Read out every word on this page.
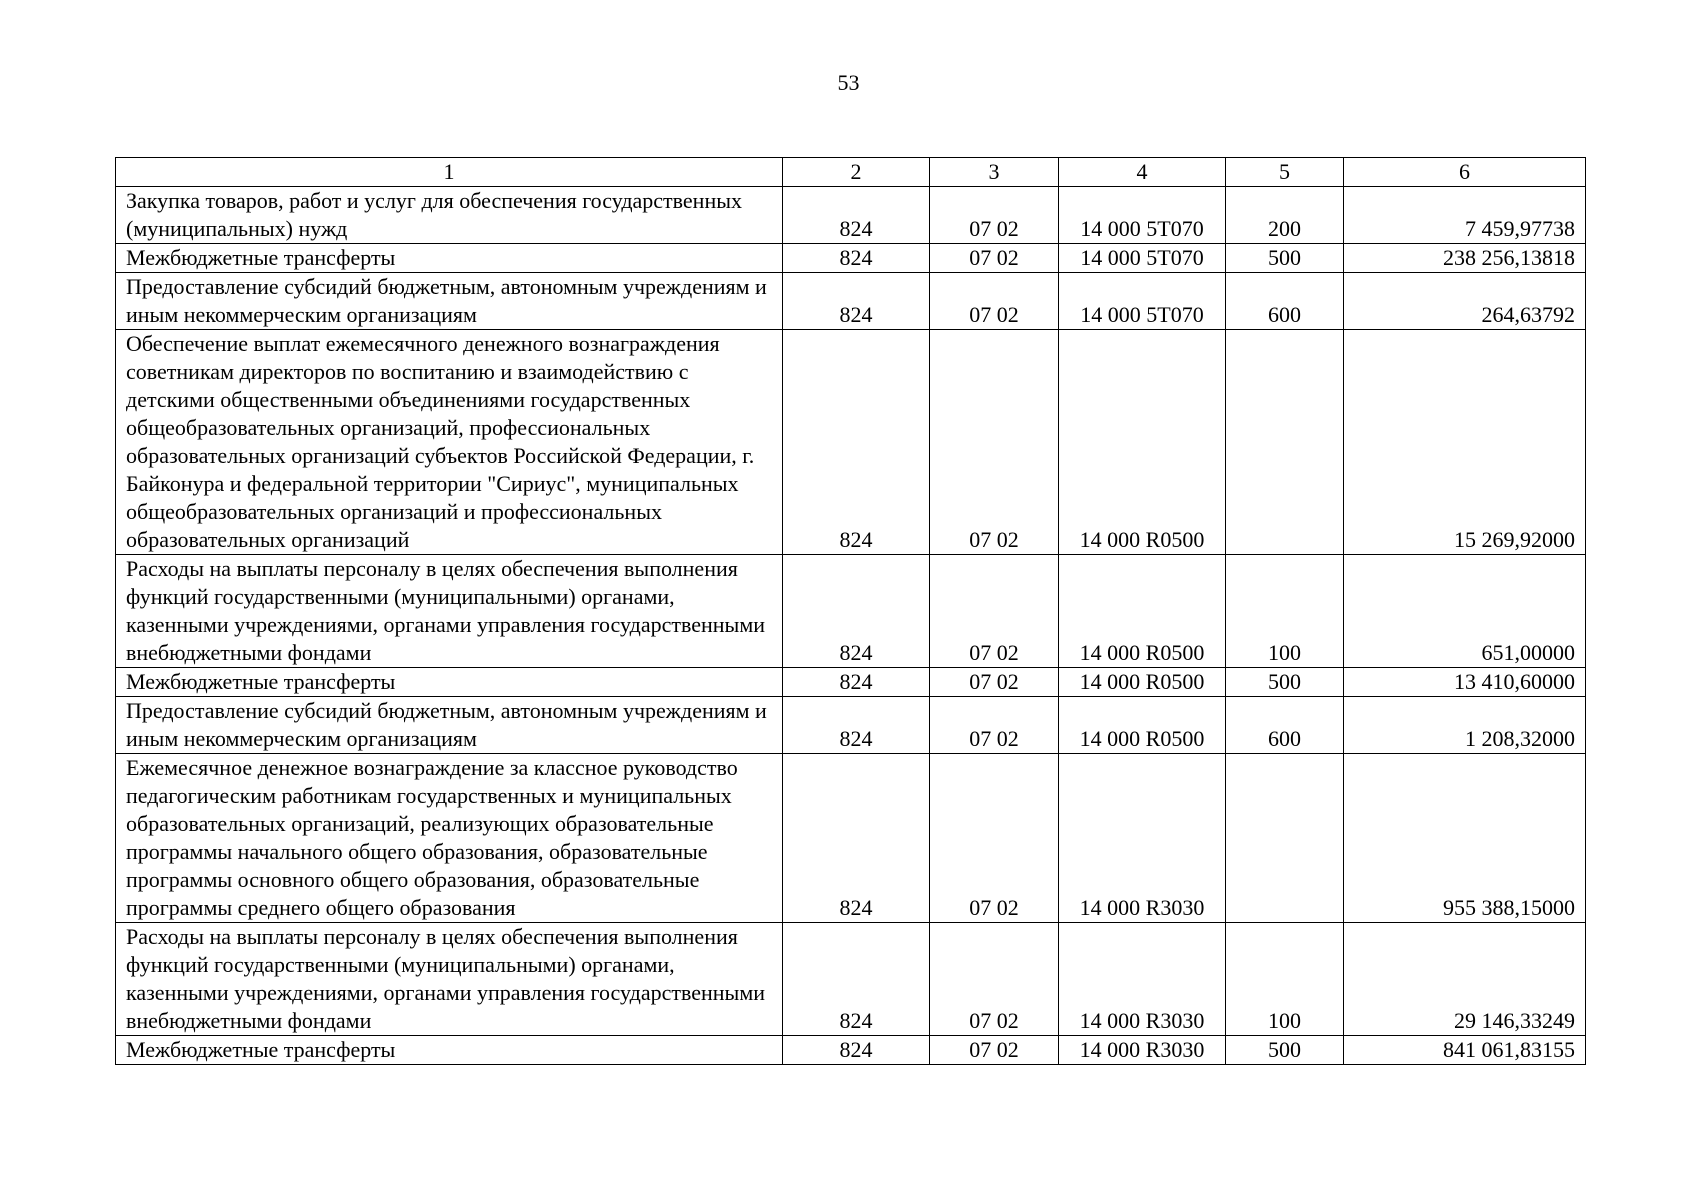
53
1	2	3	4	5	6
Закупка товаров, работ и услуг для обеспечения государственных (муниципальных) нужд	824	07 02	14 000 5Т070	200	7 459,97738
Межбюджетные трансферты	824	07 02	14 000 5Т070	500	238 256,13818
Предоставление субсидий бюджетным, автономным учреждениям и иным некоммерческим организациям	824	07 02	14 000 5Т070	600	264,63792
Обеспечение выплат ежемесячного денежного вознаграждения советникам директоров по воспитанию и взаимодействию с детскими общественными объединениями государственных общеобразовательных организаций, профессиональных образовательных организаций субъектов Российской Федерации, г. Байконура и федеральной территории "Сириус", муниципальных общеобразовательных организаций и профессиональных образовательных организаций	824	07 02	14 000 R0500		15 269,92000
Расходы на выплаты персоналу в целях обеспечения выполнения функций государственными (муниципальными) органами, казенными учреждениями, органами управления государственными внебюджетными фондами	824	07 02	14 000 R0500	100	651,00000
Межбюджетные трансферты	824	07 02	14 000 R0500	500	13 410,60000
Предоставление субсидий бюджетным, автономным учреждениям и иным некоммерческим организациям	824	07 02	14 000 R0500	600	1 208,32000
Ежемесячное денежное вознаграждение за классное руководство педагогическим работникам государственных и муниципальных образовательных организаций, реализующих образовательные программы начального общего образования, образовательные программы основного общего образования, образовательные программы среднего общего образования	824	07 02	14 000 R3030		955 388,15000
Расходы на выплаты персоналу в целях обеспечения выполнения функций государственными (муниципальными) органами, казенными учреждениями, органами управления государственными внебюджетными фондами	824	07 02	14 000 R3030	100	29 146,33249
Межбюджетные трансферты	824	07 02	14 000 R3030	500	841 061,83155
